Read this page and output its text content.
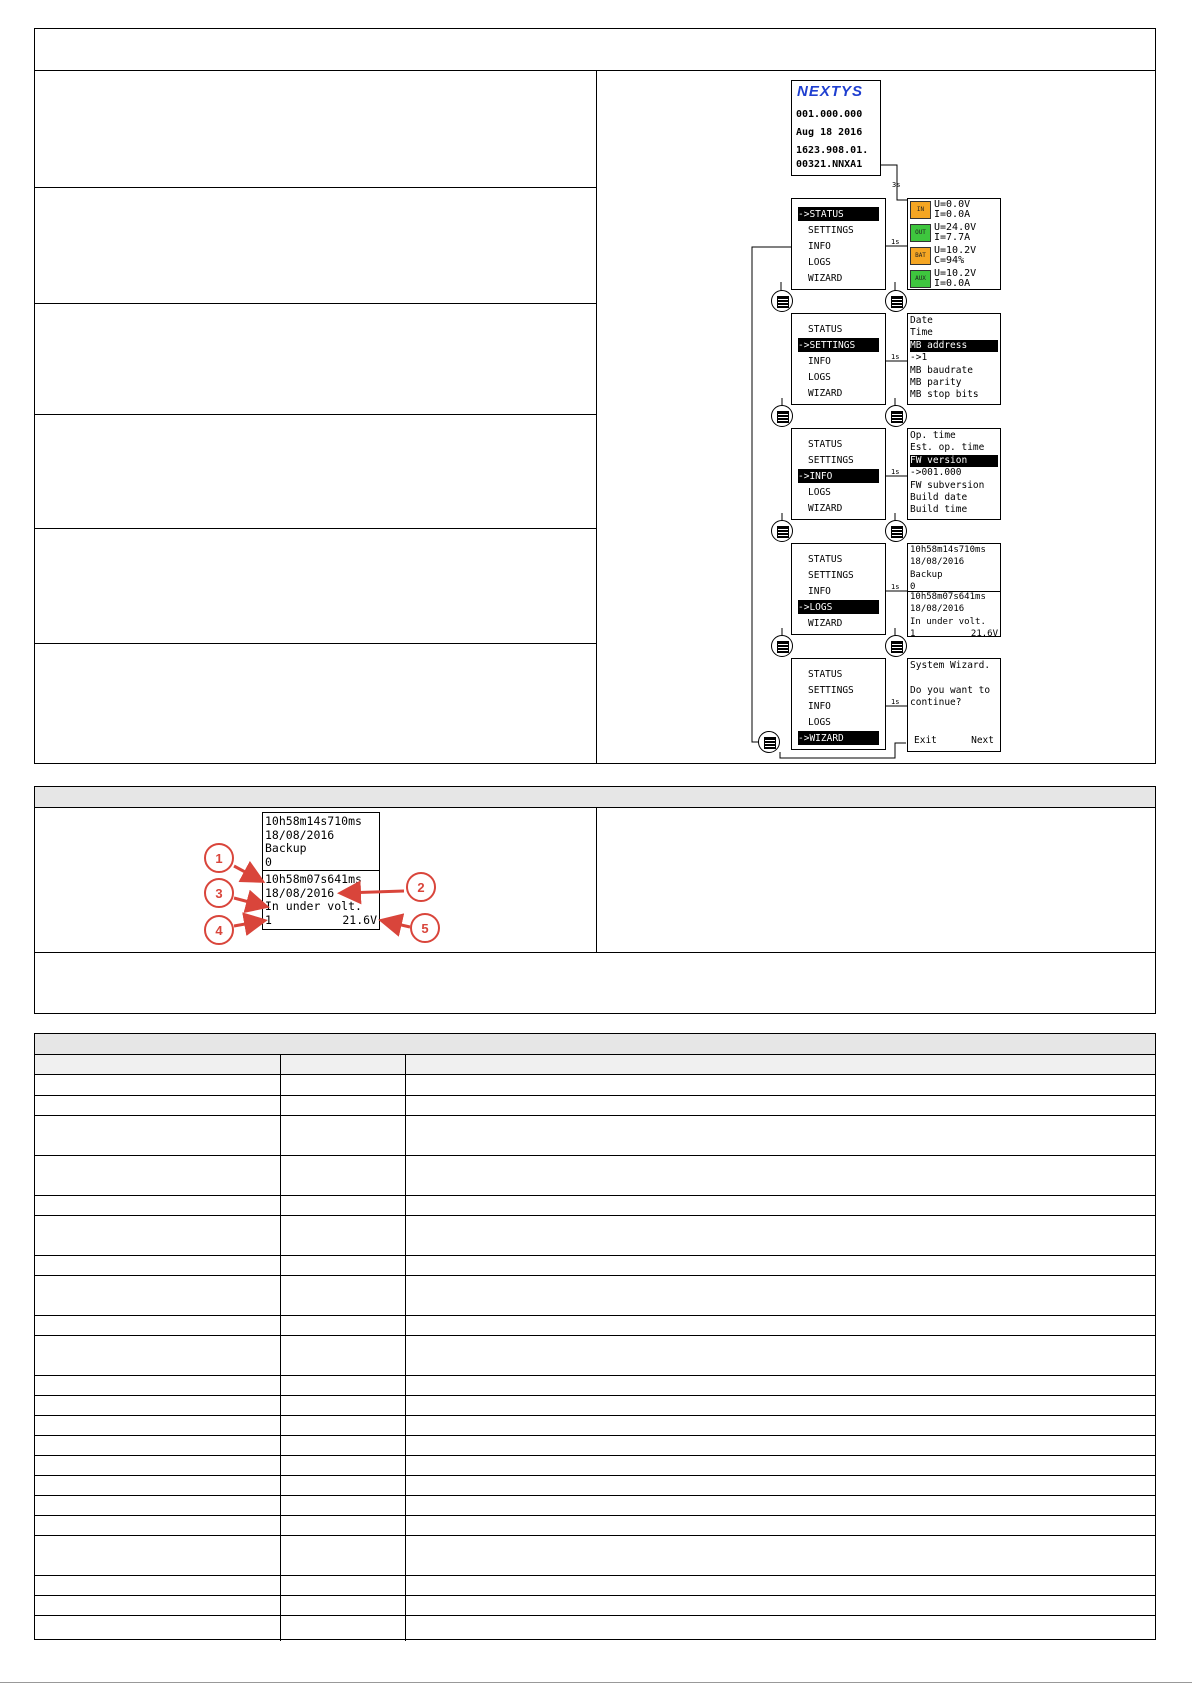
NEXTYS
001.000.000
Aug 18 2016
1623.908.01.
00321.NNXA1
3s
->STATUS
SETTINGS
INFO
LOGS
WIZARD
STATUS
->SETTINGS
INFO
LOGS
WIZARD
STATUS
SETTINGS
->INFO
LOGS
WIZARD
STATUS
SETTINGS
INFO
->LOGS
WIZARD
STATUS
SETTINGS
INFO
LOGS
->WIZARD
1s
1s
1s
1s
1s
IN U=0.0V
I=0.0A
OUT U=24.0V
I=7.7A
BAT U=10.2V
C=94%
AUX U=10.2V
I=0.0A
Date
Time
MB address
->1
MB baudrate
MB parity
MB stop bits
Op. time
Est. op. time
FW version
->001.000
FW subversion
Build date
Build time
10h58m14s710ms
18/08/2016
Backup
0
10h58m07s641ms
18/08/2016
In under volt.
1	21.6V
System Wizard.
Do you want to
continue?
Exit	Next
10h58m14s710ms
18/08/2016
Backup
0
10h58m07s641ms
18/08/2016
In under volt.
1	21.6V
1
2
3
4	5
